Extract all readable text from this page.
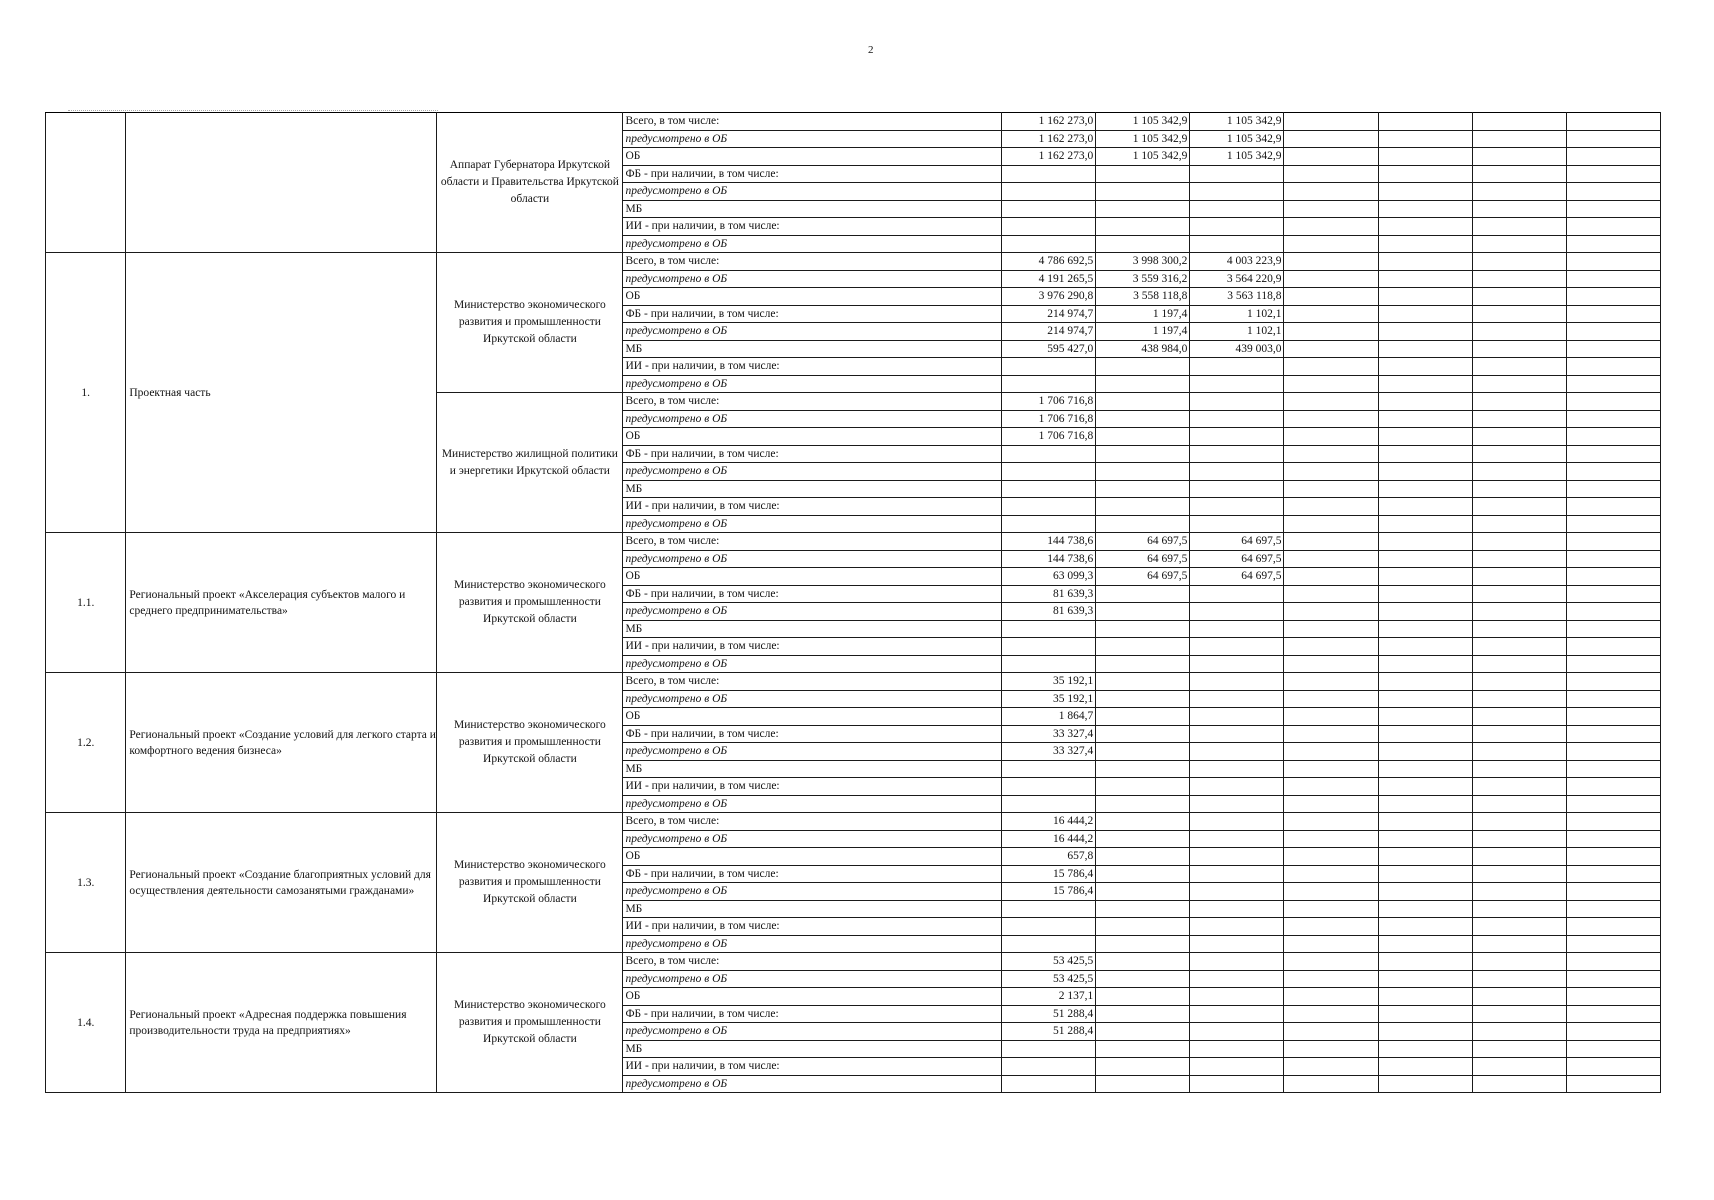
2
		Аппарат Губернатора Иркутской области и Правительства Иркутской области	Всего, в том числе:	1 162 273,0	1 105 342,9	1 105 342,9				
			предусмотрено в ОБ	1 162 273,0	1 105 342,9	1 105 342,9				
			ОБ	1 162 273,0	1 105 342,9	1 105 342,9				
			ФБ - при наличии, в том числе:							
			предусмотрено в ОБ							
			МБ							
			ИИ - при наличии, в том числе:							
			предусмотрено в ОБ							
1.	Проектная часть	Министерство экономического развития и промышленности Иркутской области	Всего, в том числе:	4 786 692,5	3 998 300,2	4 003 223,9				
			предусмотрено в ОБ	4 191 265,5	3 559 316,2	3 564 220,9				
			ОБ	3 976 290,8	3 558 118,8	3 563 118,8				
			ФБ - при наличии, в том числе:	214 974,7	1 197,4	1 102,1				
			предусмотрено в ОБ	214 974,7	1 197,4	1 102,1				
			МБ	595 427,0	438 984,0	439 003,0				
			ИИ - при наличии, в том числе:							
			предусмотрено в ОБ							
		Министерство жилищной политики и энергетики Иркутской области	Всего, в том числе:	1 706 716,8						
			предусмотрено в ОБ	1 706 716,8						
			ОБ	1 706 716,8						
			ФБ - при наличии, в том числе:							
			предусмотрено в ОБ							
			МБ							
			ИИ - при наличии, в том числе:							
			предусмотрено в ОБ							
1.1.	Региональный проект «Акселерация субъектов малого и среднего предпринимательства»	Министерство экономического развития и промышленности Иркутской области	Всего, в том числе:	144 738,6	64 697,5	64 697,5				
			предусмотрено в ОБ	144 738,6	64 697,5	64 697,5				
			ОБ	63 099,3	64 697,5	64 697,5				
			ФБ - при наличии, в том числе:	81 639,3						
			предусмотрено в ОБ	81 639,3						
			МБ							
			ИИ - при наличии, в том числе:							
			предусмотрено в ОБ							
1.2.	Региональный проект «Создание условий для легкого старта и комфортного ведения бизнеса»	Министерство экономического развития и промышленности Иркутской области	Всего, в том числе:	35 192,1						
			предусмотрено в ОБ	35 192,1						
			ОБ	1 864,7						
			ФБ - при наличии, в том числе:	33 327,4						
			предусмотрено в ОБ	33 327,4						
			МБ							
			ИИ - при наличии, в том числе:							
			предусмотрено в ОБ							
1.3.	Региональный проект «Создание благоприятных условий для осуществления деятельности самозанятыми гражданами»	Министерство экономического развития и промышленности Иркутской области	Всего, в том числе:	16 444,2						
			предусмотрено в ОБ	16 444,2						
			ОБ	657,8						
			ФБ - при наличии, в том числе:	15 786,4						
			предусмотрено в ОБ	15 786,4						
			МБ							
			ИИ - при наличии, в том числе:							
			предусмотрено в ОБ							
1.4.	Региональный проект «Адресная поддержка повышения производительности труда на предприятиях»	Министерство экономического развития и промышленности Иркутской области	Всего, в том числе:	53 425,5						
			предусмотрено в ОБ	53 425,5						
			ОБ	2 137,1						
			ФБ - при наличии, в том числе:	51 288,4						
			предусмотрено в ОБ	51 288,4						
			МБ							
			ИИ - при наличии, в том числе:							
			предусмотрено в ОБ							
